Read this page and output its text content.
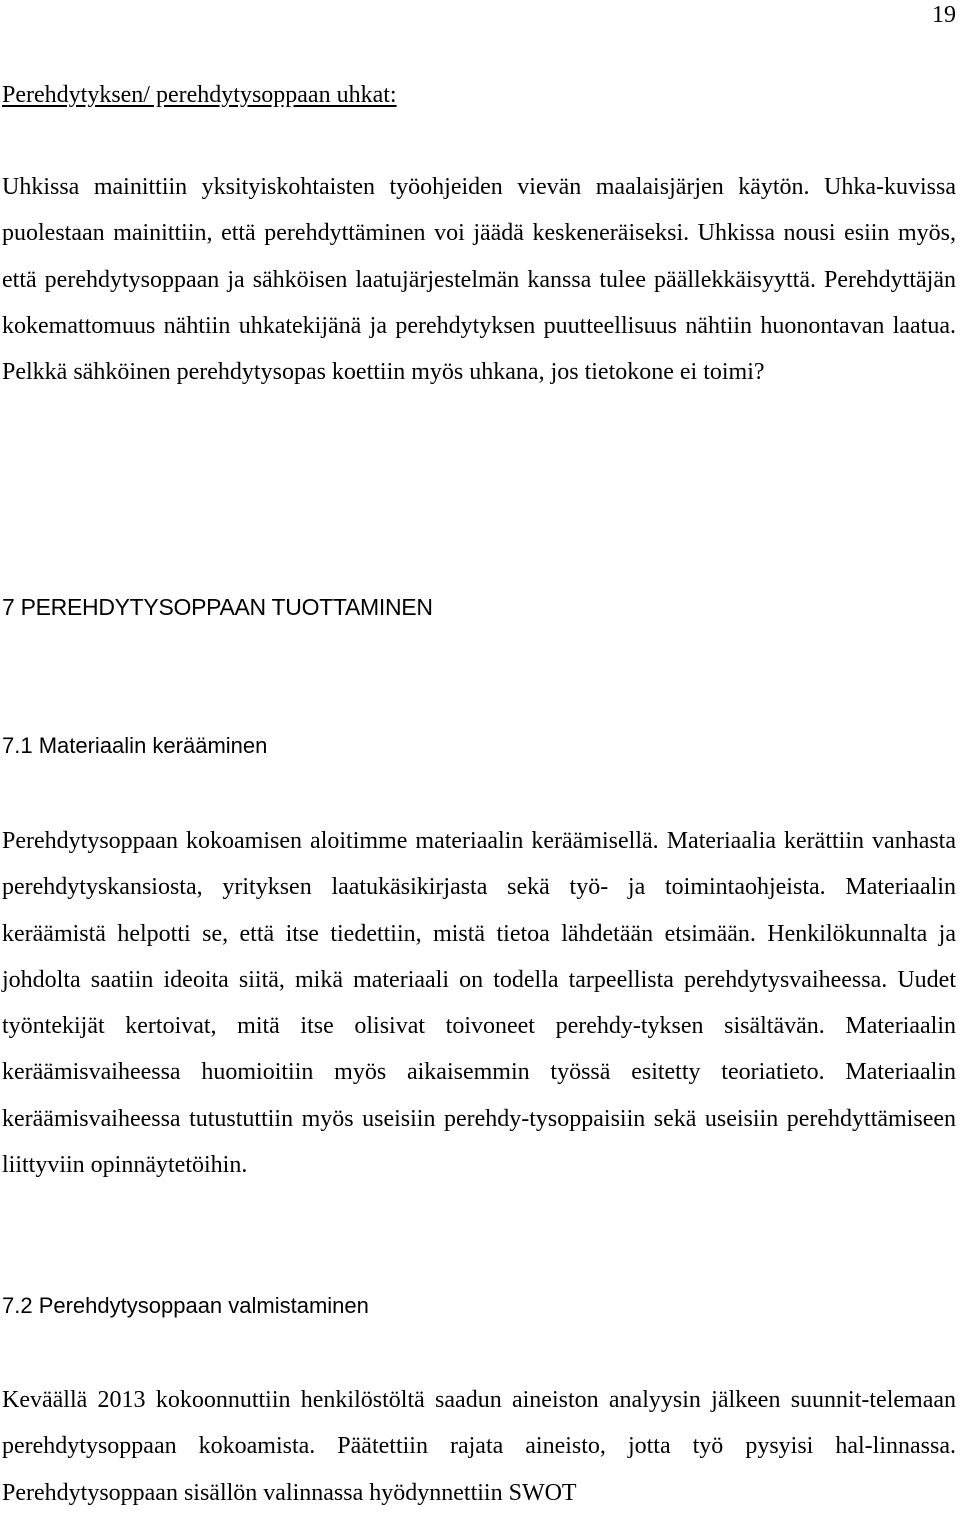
19
Perehdytyksen/ perehdytysoppaan uhkat:

Uhkissa mainittiin yksityiskohtaisten työohjeiden vievän maalaisjärjen käytön. Uhka-kuvissa puolestaan mainittiin, että perehdyttäminen voi jäädä keskeneräiseksi. Uhkissa nousi esiin myös, että perehdytysoppaan ja sähköisen laatujärjestelmän kanssa tulee päällekkäisyyttä. Perehdyttäjän kokemattomuus nähtiin uhkatekijänä ja perehdytyksen puutteellisuus nähtiin huonontavan laatua. Pelkkä sähköinen perehdytysopas koettiin myös uhkana, jos tietokone ei toimi?

7 PEREHDYTYSOPPAAN TUOTTAMINEN
7.1 Materiaalin kerääminen

Perehdytysoppaan kokoamisen aloitimme materiaalin keräämisellä. Materiaalia kerättiin vanhasta perehdytyskansiosta, yrityksen laatukäsikirjasta sekä työ- ja toimintaohjeista. Materiaalin keräämistä helpotti se, että itse tiedettiin, mistä tietoa lähdetään etsimään. Henkilökunnalta ja johdolta saatiin ideoita siitä, mikä materiaali on todella tarpeellista perehdytysvaiheessa. Uudet työntekijät kertoivat, mitä itse olisivat toivoneet perehdy-tyksen sisältävän. Materiaalin keräämisvaiheessa huomioitiin myös aikaisemmin työssä esitetty teoriatieto. Materiaalin keräämisvaiheessa tutustuttiin myös useisiin perehdy-tysoppaisiin sekä useisiin perehdyttämiseen liittyviin opinnäytetöihin.

7.2 Perehdytysoppaan valmistaminen

Keväällä 2013 kokoonnuttiin henkilöstöltä saadun aineiston analyysin jälkeen suunnit-telemaan perehdytysoppaan kokoamista. Päätettiin rajata aineisto, jotta työ pysyisi hal-linnassa. Perehdytysoppaan sisällön valinnassa hyödynnettiin SWOT
